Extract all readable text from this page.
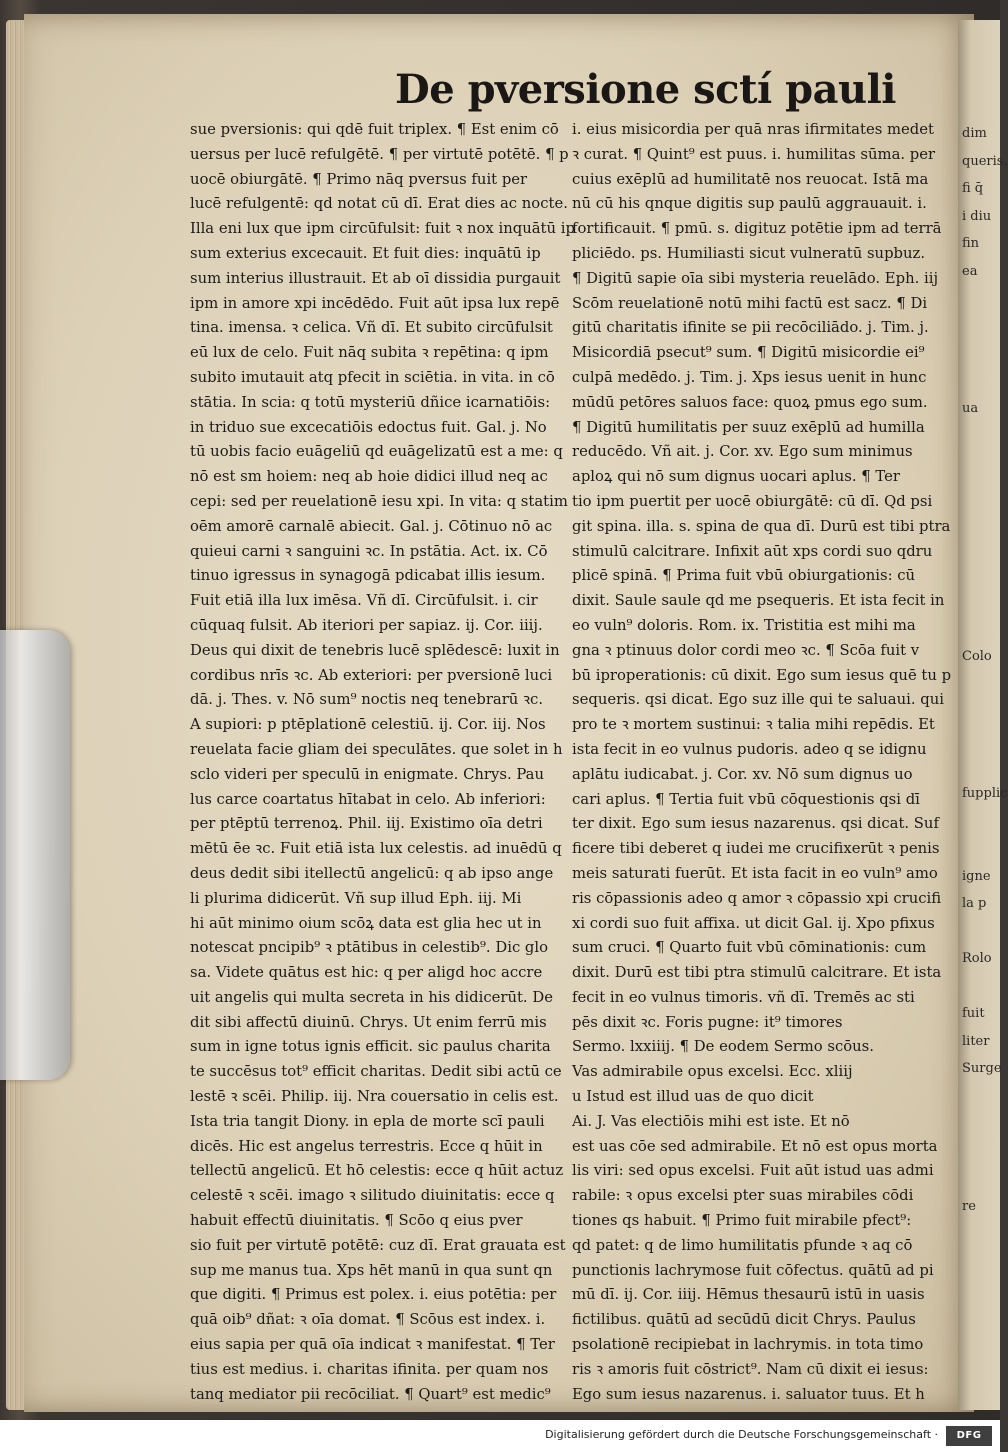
dim
queris.
fi q̄
i diu
fin
ea
ua
Colo
fupplic
igne
la p
Rolo
fuit
liter
Surge
re
De pversione sctí pauli
sue pversionis: qui qdē fuit triplex. ¶ Est enim cō
uersus per lucē refulgētē. ¶ per virtutē potētē. ¶ p
uocē obiurgātē. ¶ Primo nāq pversus fuit per
lucē refulgentē: qd notat cū dī. Erat dies ac nocte.
Illa eni lux que ipm circūfulsit: fuit ꝛ nox inquātū ip
sum exterius excecauit. Et fuit dies: inquātū ip
sum interius illustrauit. Et ab oī dissidia purgauit
ipm in amore xpi incēdēdo. Fuit aūt ipsa lux repē
tina. imensa. ꝛ celica. Vñ dī. Et subito circūfulsit
eū lux de celo. Fuit nāq subita ꝛ repētina: q ipm
subito imutauit atq pfecit in sciētia. in vita. in cō
stātia. In scia: q totū mysteriū dñice icarnatiōis:
in triduo sue excecatiōis edoctus fuit. Gal. j. No
tū uobis facio euāgeliū qd euāgelizatū est a me: q
nō est sm hoiem: neq ab hoie didici illud neq ac
cepi: sed per reuelationē iesu xpi. In vita: q statim
oēm amorē carnalē abiecit. Gal. j. Cōtinuo nō ac
quieui carni ꝛ sanguini ꝛc. In pstātia. Act. ix. Cō
tinuo igressus in synagogā pdicabat illis iesum.
Fuit etiā illa lux imēsa. Vñ dī. Circūfulsit. i. cir
cūquaq fulsit. Ab iteriori per sapiaz. ij. Cor. iiij.
Deus qui dixit de tenebris lucē splēdescē: luxit in
cordibus nrīs ꝛc. Ab exteriori: per pversionē luci
dā. j. Thes. v. Nō sum⁹ noctis neq tenebrarū ꝛc.
A supiori: p ptēplationē celestiū. ij. Cor. iij. Nos
reuelata facie gliam dei speculātes. que solet in h
sclo videri per speculū in enigmate. Chrys. Pau
lus carce coartatus hītabat in celo. Ab inferiori:
per ptēptū terrenoꝝ. Phil. iij. Existimo oīa detri
mētū ēe ꝛc. Fuit etiā ista lux celestis. ad inuēdū q
deus dedit sibi itellectū angelicū: q ab ipso ange
li plurima didicerūt. Vñ sup illud Eph. iij. Mi
hi aūt minimo oium scōꝝ data est glia hec ut in
notescat pncipib⁹ ꝛ ptātibus in celestib⁹. Dic glo
sa. Videte quātus est hic: q per aligd hoc accre
uit angelis qui multa secreta in his didicerūt. De
dit sibi affectū diuinū. Chrys. Ut enim ferrū mis
sum in igne totus ignis efficit. sic paulus charita
te succēsus tot⁹ efficit charitas. Dedit sibi actū ce
lestē ꝛ scēi. Philip. iij. Nra couersatio in celis est.
Ista tria tangit Diony. in epla de morte scī pauli
dicēs. Hic est angelus terrestris. Ecce q hūit in
tellectū angelicū. Et hō celestis: ecce q hūit actuz
celestē ꝛ scēi. imago ꝛ silitudo diuinitatis: ecce q
habuit effectū diuinitatis. ¶ Scōo q eius pver
sio fuit per virtutē potētē: cuz dī. Erat grauata est
sup me manus tua. Xps hēt manū in qua sunt qn
que digiti. ¶ Primus est polex. i. eius potētia: per
quā oib⁹ dñat: ꝛ oīa domat. ¶ Scōus est index. i.
eius sapia per quā oīa indicat ꝛ manifestat. ¶ Ter
tius est medius. i. charitas ifinita. per quam nos
tanq mediator pii recōciliat. ¶ Quart⁹ est medic⁹
i. eius misicordia per quā nras ifirmitates medet
ꝛ curat. ¶ Quint⁹ est puus. i. humilitas sūma. per
cuius exēplū ad humilitatē nos reuocat. Istā ma
nū cū his qnque digitis sup paulū aggrauauit. i.
fortificauit. ¶ pmū. s. digituz potētie ipm ad terrā
pliciēdo. ps. Humiliasti sicut vulneratū supbuz.
¶ Digitū sapie oīa sibi mysteria reuelādo. Eph. iij
Scōm reuelationē notū mihi factū est sacz. ¶ Di
gitū charitatis ifinite se pii recōciliādo. j. Tim. j.
Misicordiā psecut⁹ sum. ¶ Digitū misicordie ei⁹
culpā medēdo. j. Tim. j. Xps iesus uenit in hunc
mūdū petōres saluos face: quoꝝ pmus ego sum.
¶ Digitū humilitatis per suuz exēplū ad humilla
reducēdo. Vñ ait. j. Cor. xv. Ego sum minimus
aploꝝ qui nō sum dignus uocari aplus. ¶ Ter
tio ipm puertit per uocē obiurgātē: cū dī. Qd psi
git spina. illa. s. spina de qua dī. Durū est tibi ptra
stimulū calcitrare. Infixit aūt xps cordi suo qdru
plicē spinā. ¶ Prima fuit vbū obiurgationis: cū
dixit. Saule saule qd me psequeris. Et ista fecit in
eo vuln⁹ doloris. Rom. ix. Tristitia est mihi ma
gna ꝛ ptinuus dolor cordi meo ꝛc. ¶ Scōa fuit v
bū iproperationis: cū dixit. Ego sum iesus quē tu p
sequeris. qsi dicat. Ego suz ille qui te saluaui. qui
pro te ꝛ mortem sustinui: ꝛ talia mihi repēdis. Et
ista fecit in eo vulnus pudoris. adeo q se idignu
aplātu iudicabat. j. Cor. xv. Nō sum dignus uo
cari aplus. ¶ Tertia fuit vbū cōquestionis qsi dī
ter dixit. Ego sum iesus nazarenus. qsi dicat. Suf
ficere tibi deberet q iudei me crucifixerūt ꝛ penis
meis saturati fuerūt. Et ista facit in eo vuln⁹ amo
ris cōpassionis adeo q amor ꝛ cōpassio xpi crucifi
xi cordi suo fuit affixa. ut dicit Gal. ij. Xpo pfixus
sum cruci. ¶ Quarto fuit vbū cōminationis: cum
dixit. Durū est tibi ptra stimulū calcitrare. Et ista
fecit in eo vulnus timoris. vñ dī. Tremēs ac sti
pēs dixit ꝛc. Foris pugne: it⁹ timores
Sermo. lxxiiij. ¶ De eodem Sermo scōus.
Vas admirabile opus excelsi. Ecc. xliij
u Istud est illud uas de quo dicit
Ai. J. Vas electiōis mihi est iste. Et nō
est uas cōe sed admirabile. Et nō est opus morta
lis viri: sed opus excelsi. Fuit aūt istud uas admi
rabile: ꝛ opus excelsi pter suas mirabiles cōdi
tiones qs habuit. ¶ Primo fuit mirabile pfect⁹:
qd patet: q de limo humilitatis pfunde ꝛ aq cō
punctionis lachrymose fuit cōfectus. quātū ad pi
mū dī. ij. Cor. iiij. Hēmus thesaurū istū in uasis
fictilibus. quātū ad secūdū dicit Chrys. Paulus
psolationē recipiebat in lachrymis. in tota timo
ris ꝛ amoris fuit cōstrict⁹. Nam cū dixit ei iesus:
Ego sum iesus nazarenus. i. saluator tuus. Et h
Digitalisierung gefördert durch die Deutsche Forschungsgemeinschaft ·	DFG
